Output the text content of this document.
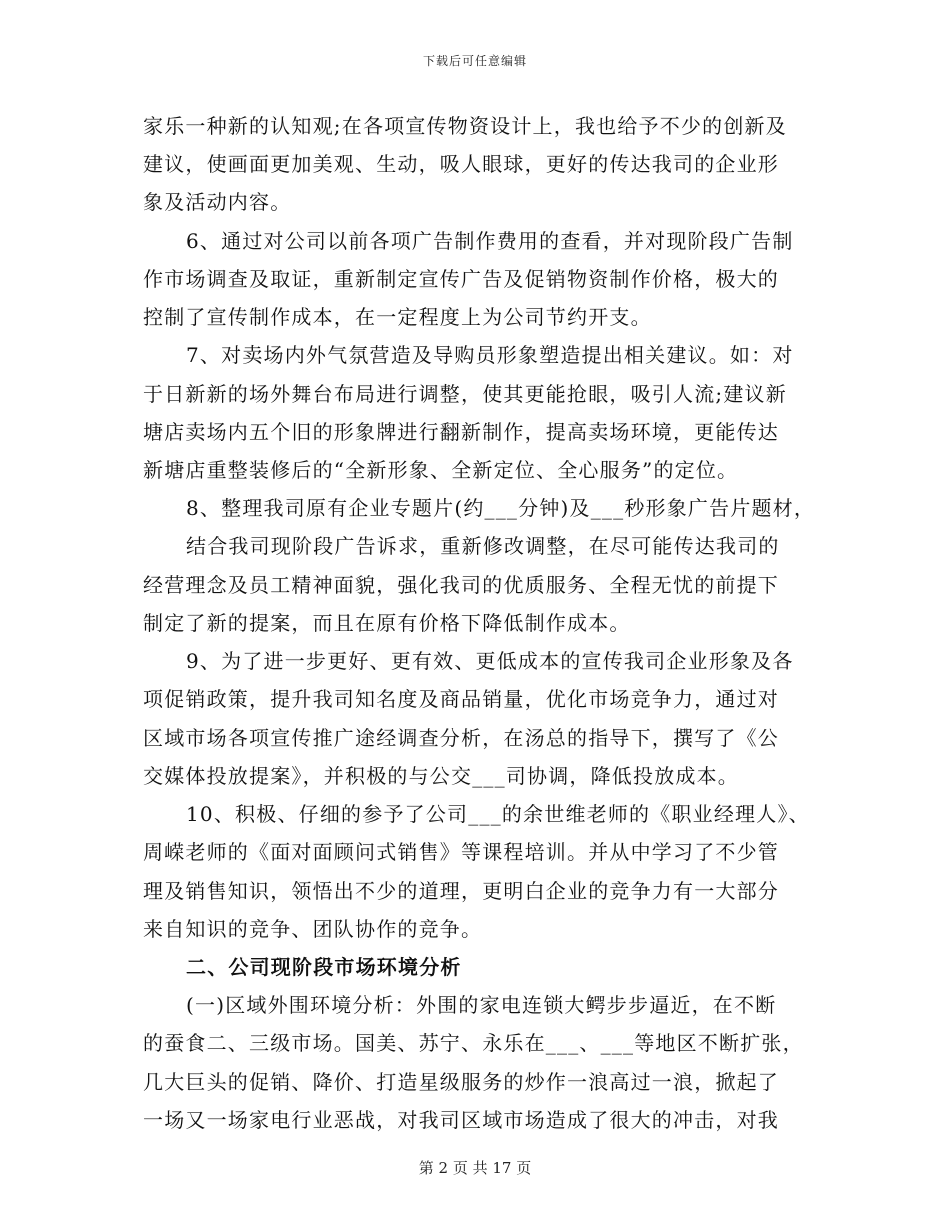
下载后可任意编辑
家乐一种新的认知观;在各项宣传物资设计上，我也给予不少的创新及
建议，使画面更加美观、生动，吸人眼球，更好的传达我司的企业形
象及活动内容。
6、通过对公司以前各项广告制作费用的查看，并对现阶段广告制
作市场调查及取证，重新制定宣传广告及促销物资制作价格，极大的
控制了宣传制作成本，在一定程度上为公司节约开支。
7、对卖场内外气氛营造及导购员形象塑造提出相关建议。如：对
于日新新的场外舞台布局进行调整，使其更能抢眼，吸引人流;建议新
塘店卖场内五个旧的形象牌进行翻新制作，提高卖场环境，更能传达
新塘店重整装修后的“全新形象、全新定位、全心服务”的定位。
8、整理我司原有企业专题片(约___分钟)及___秒形象广告片题材，
结合我司现阶段广告诉求，重新修改调整，在尽可能传达我司的
经营理念及员工精神面貌，强化我司的优质服务、全程无忧的前提下
制定了新的提案，而且在原有价格下降低制作成本。
9、为了进一步更好、更有效、更低成本的宣传我司企业形象及各
项促销政策，提升我司知名度及商品销量，优化市场竞争力，通过对
区域市场各项宣传推广途经调查分析，在汤总的指导下，撰写了《公
交媒体投放提案》，并积极的与公交___司协调，降低投放成本。
10、积极、仔细的参予了公司___的余世维老师的《职业经理人》、
周嵘老师的《面对面顾问式销售》等课程培训。并从中学习了不少管
理及销售知识，领悟出不少的道理，更明白企业的竞争力有一大部分
来自知识的竞争、团队协作的竞争。
二、公司现阶段市场环境分析
(一)区域外围环境分析：外围的家电连锁大鳄步步逼近，在不断
的蚕食二、三级市场。国美、苏宁、永乐在___、___等地区不断扩张，
几大巨头的促销、降价、打造星级服务的炒作一浪高过一浪，掀起了
一场又一场家电行业恶战，对我司区域市场造成了很大的冲击，对我
第 2 页 共 17 页
